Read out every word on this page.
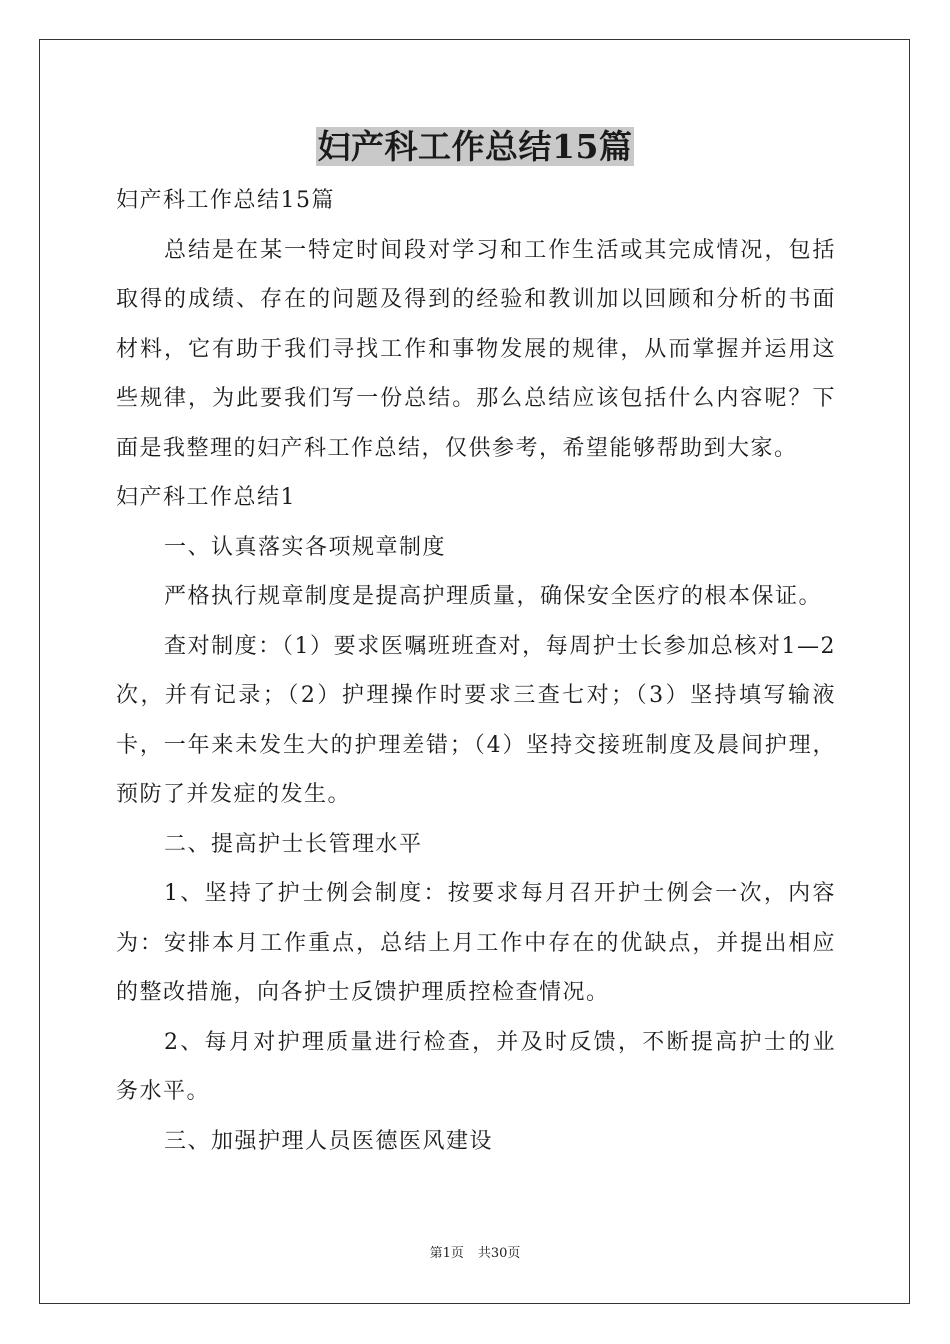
妇产科工作总结15篇

妇产科工作总结15篇

总结是在某一特定时间段对学习和工作生活或其完成情况，包括取得的成绩、存在的问题及得到的经验和教训加以回顾和分析的书面材料，它有助于我们寻找工作和事物发展的规律，从而掌握并运用这些规律，为此要我们写一份总结。那么总结应该包括什么内容呢？下面是我整理的妇产科工作总结，仅供参考，希望能够帮助到大家。

妇产科工作总结1

一、认真落实各项规章制度

严格执行规章制度是提高护理质量，确保安全医疗的根本保证。

查对制度：（1）要求医嘱班班查对，每周护士长参加总核对1—2次，并有记录；（2）护理操作时要求三查七对；（3）坚持填写输液卡，一年来未发生大的护理差错；（4）坚持交接班制度及晨间护理，预防了并发症的发生。

二、提高护士长管理水平

1、坚持了护士例会制度：按要求每月召开护士例会一次，内容为：安排本月工作重点，总结上月工作中存在的优缺点，并提出相应的整改措施，向各护士反馈护理质控检查情况。

2、每月对护理质量进行检查，并及时反馈，不断提高护士的业务水平。

三、加强护理人员医德医风建设

第1页 共30页
